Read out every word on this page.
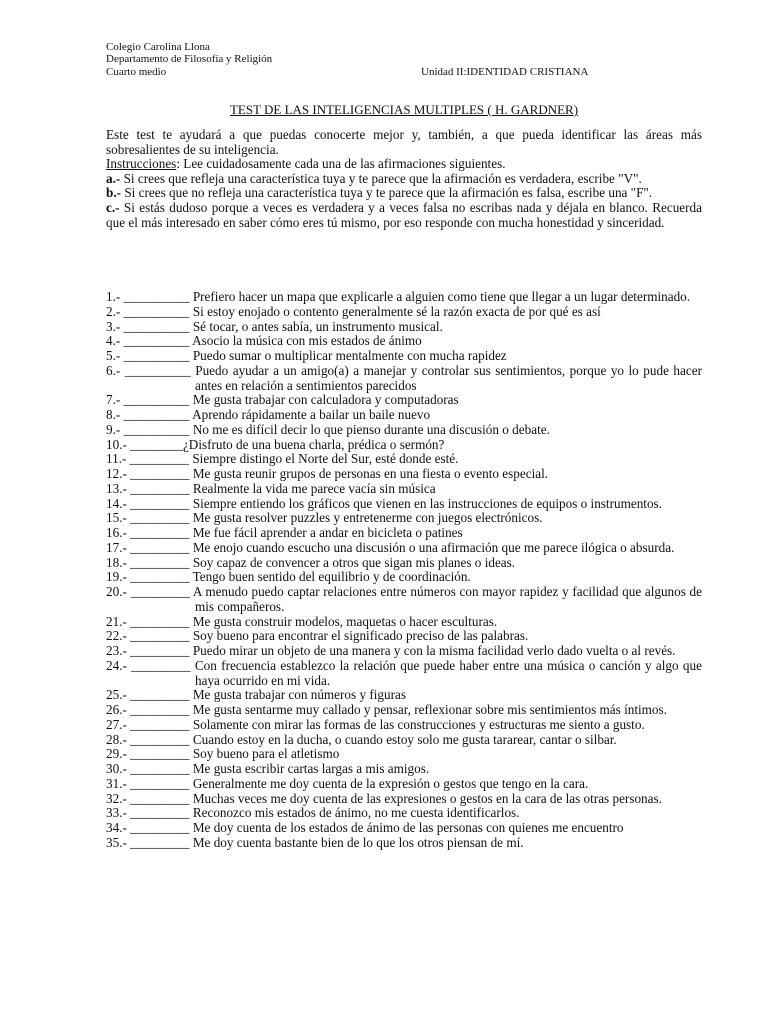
Colegio Carolina Llona
Departamento de Filosofía y Religión
Cuarto medio	Unidad II:IDENTIDAD CRISTIANA
TEST DE LAS INTELIGENCIAS MULTIPLES ( H. GARDNER)

Este test te ayudará a que puedas conocerte mejor y, también, a que pueda identificar las áreas más sobresalientes de su inteligencia.

Instrucciones: Lee cuidadosamente cada una de las afirmaciones siguientes.

a.- Si crees que refleja una característica tuya y te parece que la afirmación es verdadera, escribe "V".

b.- Si crees que no refleja una característica tuya y te parece que la afirmación es falsa, escribe una "F".

c.- Si estás dudoso porque a veces es verdadera y a veces falsa no escribas nada y déjala en blanco. Recuerda que el más interesado en saber cómo eres tú mismo, por eso responde con mucha honestidad y sinceridad.

1.- __________ Prefiero hacer un mapa que explicarle a alguien como tiene que llegar a un lugar determinado.
2.- __________ Si estoy enojado o contento generalmente sé la razón exacta de por qué es así
3.- __________ Sé tocar, o antes sabía, un instrumento musical.
4.- __________ Asocio la música con mis estados de ánimo
5.- __________ Puedo sumar o multiplicar mentalmente con mucha rapidez
6.- __________ Puedo ayudar a un amigo(a) a manejar y controlar sus sentimientos, porque yo lo pude hacer antes en relación a sentimientos parecidos
7.- __________ Me gusta trabajar con calculadora y computadoras
8.- __________ Aprendo rápidamente a bailar un baile nuevo
9.- __________ No me es difícil decir lo que pienso durante una discusión o debate.
10.- ________¿Disfruto de una buena charla, prédica o sermón?
11.- _________ Siempre distingo el Norte del Sur, esté donde esté.
12.- _________ Me gusta reunir grupos de personas en una fiesta o evento especial.
13.- _________ Realmente la vida me parece vacía sin música
14.- _________ Siempre entiendo los gráficos que vienen en las instrucciones de equipos o instrumentos.
15.- _________ Me gusta resolver puzzles y entretenerme con juegos electrónicos.
16.- _________ Me fue fácil aprender a andar en bicicleta o patines
17.- _________ Me enojo cuando escucho una discusión o una afirmación que me parece ilógica o absurda.
18.- _________ Soy capaz de convencer a otros que sigan mis planes o ideas.
19.- _________ Tengo buen sentido del equilibrio y de coordinación.
20.- _________ A menudo puedo captar relaciones entre números con mayor rapidez y facilidad que algunos de mis compañeros.
21.- _________ Me gusta construir modelos, maquetas o hacer esculturas.
22.- _________ Soy bueno para encontrar el significado preciso de las palabras.
23.- _________ Puedo mirar un objeto de una manera y con la misma facilidad verlo dado vuelta o al revés.
24.- _________ Con frecuencia establezco la relación que puede haber entre una música o canción y algo que haya ocurrido en mi vida.
25.- _________ Me gusta trabajar con números y figuras
26.- _________ Me gusta sentarme muy callado y pensar, reflexionar sobre mis sentimientos más íntimos.
27.- _________ Solamente con mirar las formas de las construcciones y estructuras me siento a gusto.
28.- _________ Cuando estoy en la ducha, o cuando estoy solo me gusta tararear, cantar o silbar.
29.- _________ Soy bueno para el atletismo
30.- _________ Me gusta escribir cartas largas a mis amigos.
31.- _________ Generalmente me doy cuenta de la expresión o gestos que tengo en la cara.
32.- _________ Muchas veces me doy cuenta de las expresiones o gestos en la cara de las otras personas.
33.- _________ Reconozco mis estados de ánimo, no me cuesta identificarlos.
34.- _________ Me doy cuenta de los estados de ánimo de las personas con quienes me encuentro
35.- _________ Me doy cuenta bastante bien de lo que los otros piensan de mí.
